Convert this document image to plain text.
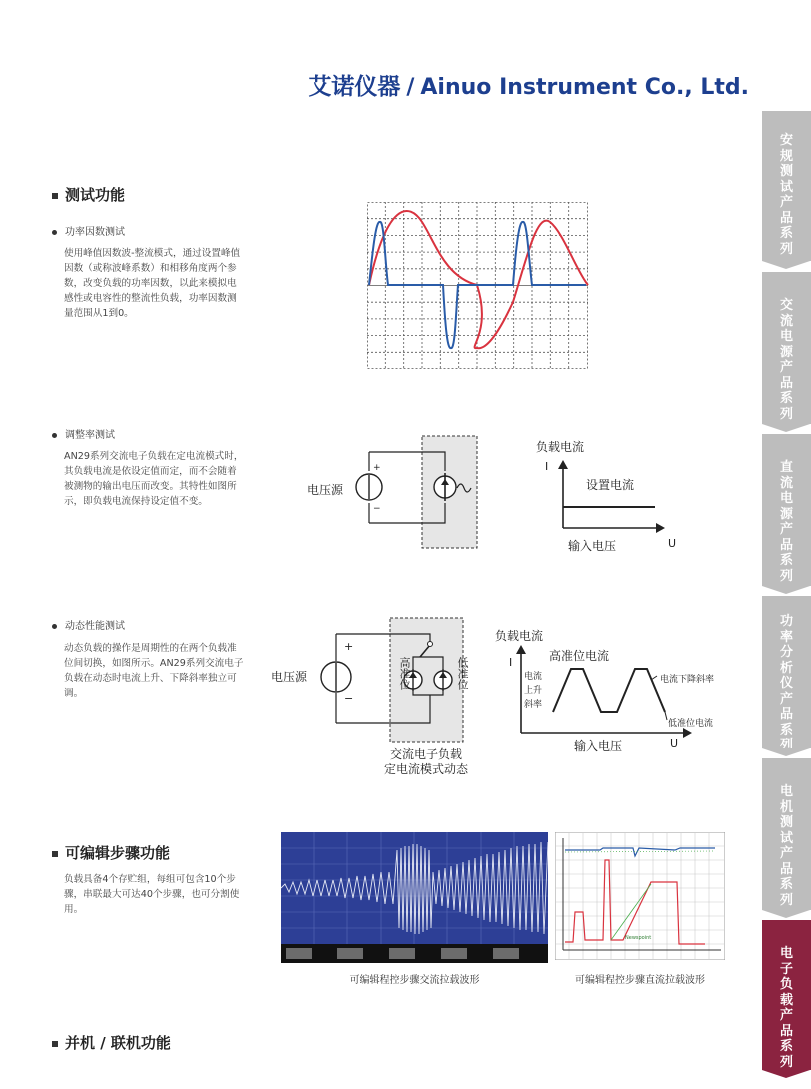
艾诺仪器 / Ainuo Instrument Co., Ltd.
安规测试产品系列
交流电源产品系列
直流电源产品系列
功率分析仪产品系列
电机测试产品系列
电子负载产品系列
测试功能
功率因数测试
使用峰值因数波-整流模式，通过设置峰值因数（或称波峰系数）和相移角度两个参数，改变负载的功率因数，以此来模拟电感性或电容性的整流性负载，功率因数测量范围从1到0。
调整率测试
AN29系列交流电子负载在定电流模式时，其负载电流是依设定值而定，而不会随着被测物的输出电压而改变。其特性如图所示，即负载电流保持设定值不变。
电压源
+
−
负载电流
I
设置电流
输入电压	U
动态性能测试
动态负载的操作是周期性的在两个负载准位间切换，如图所示。AN29系列交流电子负载在动态时电流上升、下降斜率独立可调。
电压源
+
−
高准位	低准位
交流电子负载
定电流模式动态
负载电流
I	高准位电流
电流
上升
斜率
电流下降斜率
低准位电流
输入电压	U
可编辑步骤功能
负载具备4个存贮组，每组可包含10个步骤，串联最大可达40个步骤，也可分割使用。
可编辑程控步骤交流拉载波形
Newspoint
可编辑程控步骤直流拉载波形
并机 / 联机功能
